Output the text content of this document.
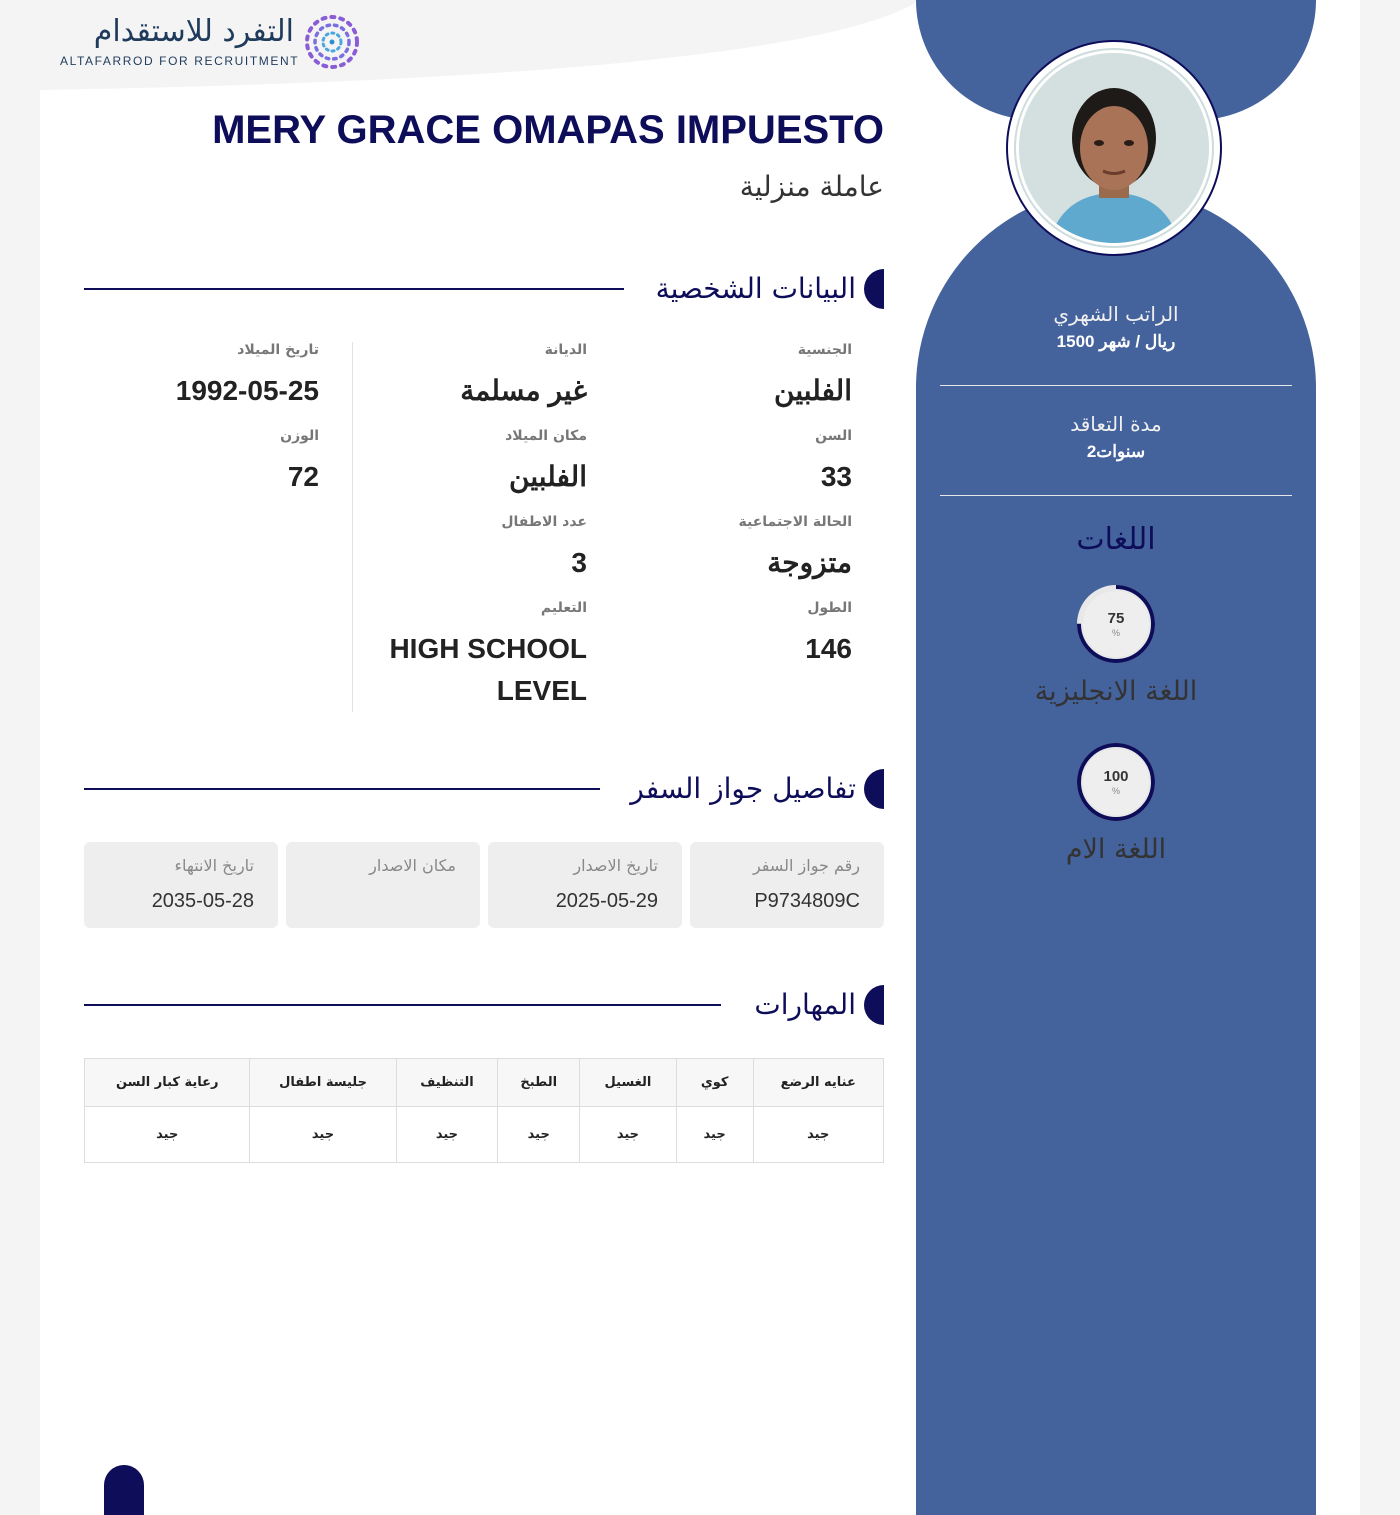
التفرد للاستقدام
ALTAFARROD FOR RECRUITMENT
الراتب الشهري
1500 ريال / شهر
مدة التعاقد
2سنوات
اللغات
75
%
اللغة الانجليزية
100
%
اللغة الام
MERY GRACE OMAPAS IMPUESTO
عاملة منزلية
البيانات الشخصية
الجنسية
الفلبين
السن
33
الحالة الاجتماعية
متزوجة
الطول
146
الديانة
غير مسلمة
مكان الميلاد
الفلبين
عدد الاطفال
3
التعليم
HIGH SCHOOL LEVEL
تاريخ الميلاد
1992-05-25
الوزن
72
تفاصيل جواز السفر
رقم جواز السفر
P9734809C
تاريخ الاصدار
2025-05-29
مكان الاصدار
تاريخ الانتهاء
2035-05-28
المهارات
عنايه الرضع	كوي	الغسيل	الطبخ	التنظيف	جليسة اطفال	رعاية كبار السن
جيد	جيد	جيد	جيد	جيد	جيد	جيد
